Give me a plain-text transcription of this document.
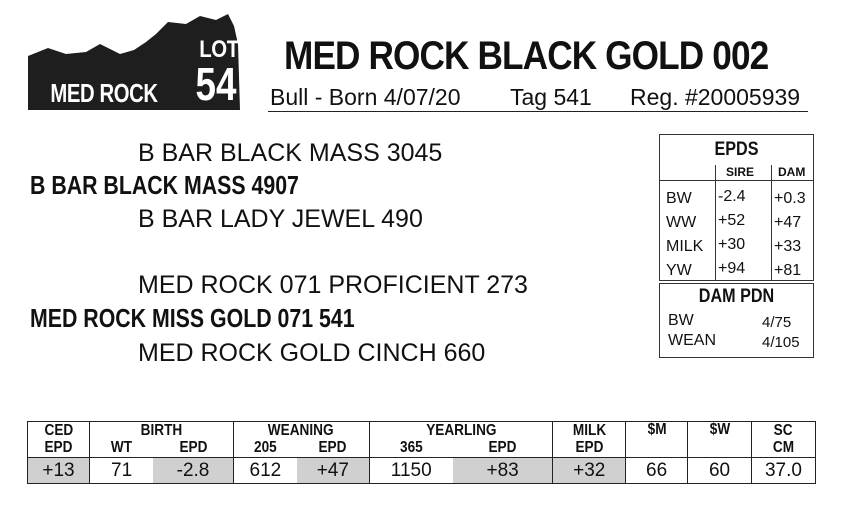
LOT
54
MED ROCK
MED ROCK BLACK GOLD 002
Bull - Born 4/07/20 Tag 541 Reg. #20005939
B BAR BLACK MASS 3045
B BAR BLACK MASS 4907
B BAR LADY JEWEL 490
MED ROCK 071 PROFICIENT 273
MED ROCK MISS GOLD 071 541
MED ROCK GOLD CINCH 660
EPDS
SIRE DAM
BW -2.4 +0.3
WW +52 +47
MILK +30 +33
YW +94 +81
DAM PDN
BW	4/75
WEAN	4/105
CED	BIRTH		WEANING		YEARLING		MILK	$M	$W	SC
EPD	WT	EPD	205	EPD	365	EPD	EPD			CM
+13	71	-2.8	612	+47	1150	+83	+32	66	60	37.0
